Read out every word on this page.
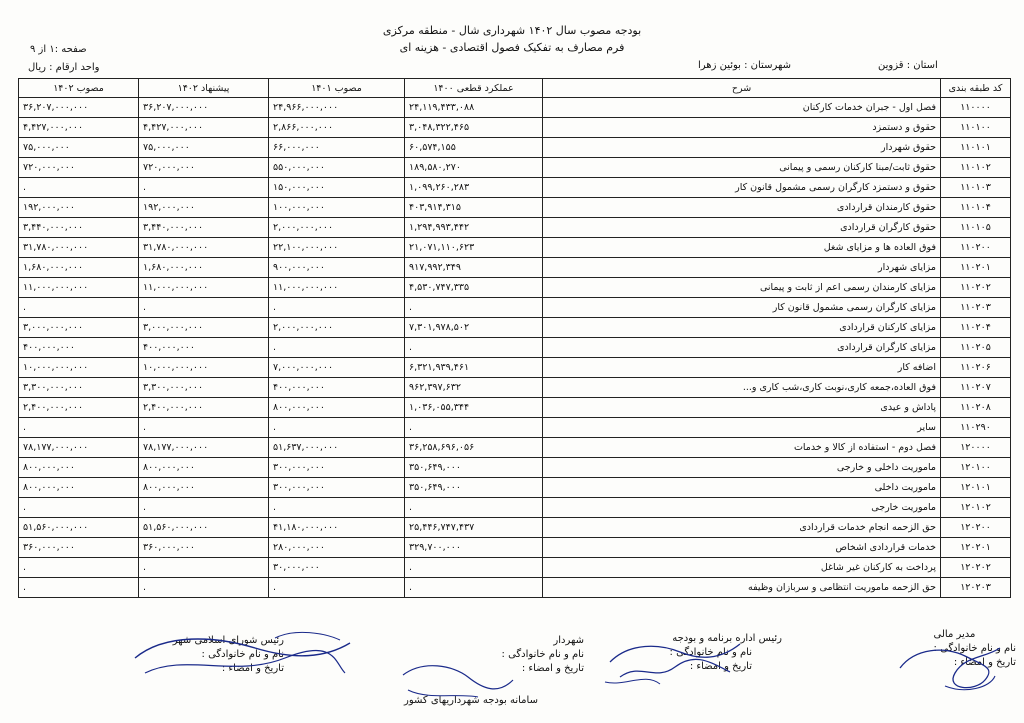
بودجه مصوب سال ۱۴۰۲ شهرداری شال - منطقه مرکزی
فرم مصارف به تفکیک فصول اقتصادی - هزینه ای
صفحه :۱ از ۹
واحد ارقام : ریال	استان : قزوین
شهرستان : بوئین زهرا
کد طبقه بندی	شرح	عملکرد قطعی ۱۴۰۰	مصوب ۱۴۰۱	پیشنهاد ۱۴۰۲	مصوب ۱۴۰۲
۱۱۰۰۰۰	فصل اول - جبران خدمات کارکنان	۲۴,۱۱۹,۴۳۳,۰۸۸	۲۴,۹۶۶,۰۰۰,۰۰۰	۳۶,۲۰۷,۰۰۰,۰۰۰	۳۶,۲۰۷,۰۰۰,۰۰۰
۱۱۰۱۰۰	حقوق و دستمزد	۳,۰۴۸,۳۲۲,۴۶۵	۲,۸۶۶,۰۰۰,۰۰۰	۴,۴۲۷,۰۰۰,۰۰۰	۴,۴۲۷,۰۰۰,۰۰۰
۱۱۰۱۰۱	حقوق شهردار	۶۰,۵۷۴,۱۵۵	۶۶,۰۰۰,۰۰۰	۷۵,۰۰۰,۰۰۰	۷۵,۰۰۰,۰۰۰
۱۱۰۱۰۲	حقوق ثابت/مبنا کارکنان رسمی و پیمانی	۱۸۹,۵۸۰,۲۷۰	۵۵۰,۰۰۰,۰۰۰	۷۲۰,۰۰۰,۰۰۰	۷۲۰,۰۰۰,۰۰۰
۱۱۰۱۰۳	حقوق و دستمزد کارگران رسمی مشمول قانون کار	۱,۰۹۹,۲۶۰,۲۸۳	۱۵۰,۰۰۰,۰۰۰	.	.
۱۱۰۱۰۴	حقوق کارمندان قراردادی	۴۰۳,۹۱۴,۳۱۵	۱۰۰,۰۰۰,۰۰۰	۱۹۲,۰۰۰,۰۰۰	۱۹۲,۰۰۰,۰۰۰
۱۱۰۱۰۵	حقوق کارگران قراردادی	۱,۲۹۴,۹۹۳,۴۴۲	۲,۰۰۰,۰۰۰,۰۰۰	۳,۴۴۰,۰۰۰,۰۰۰	۳,۴۴۰,۰۰۰,۰۰۰
۱۱۰۲۰۰	فوق العاده ها و مزایای شغل	۲۱,۰۷۱,۱۱۰,۶۲۳	۲۲,۱۰۰,۰۰۰,۰۰۰	۳۱,۷۸۰,۰۰۰,۰۰۰	۳۱,۷۸۰,۰۰۰,۰۰۰
۱۱۰۲۰۱	مزایای شهردار	۹۱۷,۹۹۲,۳۴۹	۹۰۰,۰۰۰,۰۰۰	۱,۶۸۰,۰۰۰,۰۰۰	۱,۶۸۰,۰۰۰,۰۰۰
۱۱۰۲۰۲	مزایای کارمندان رسمی اعم از ثابت و پیمانی	۴,۵۳۰,۷۴۷,۳۳۵	۱۱,۰۰۰,۰۰۰,۰۰۰	۱۱,۰۰۰,۰۰۰,۰۰۰	۱۱,۰۰۰,۰۰۰,۰۰۰
۱۱۰۲۰۳	مزایای کارگران رسمی مشمول قانون کار	.	.	.	.
۱۱۰۲۰۴	مزایای کارکنان قراردادی	۷,۳۰۱,۹۷۸,۵۰۲	۲,۰۰۰,۰۰۰,۰۰۰	۳,۰۰۰,۰۰۰,۰۰۰	۳,۰۰۰,۰۰۰,۰۰۰
۱۱۰۲۰۵	مزایای کارگران قراردادی	.	.	۴۰۰,۰۰۰,۰۰۰	۴۰۰,۰۰۰,۰۰۰
۱۱۰۲۰۶	اضافه کار	۶,۳۲۱,۹۳۹,۴۶۱	۷,۰۰۰,۰۰۰,۰۰۰	۱۰,۰۰۰,۰۰۰,۰۰۰	۱۰,۰۰۰,۰۰۰,۰۰۰
۱۱۰۲۰۷	فوق العاده،جمعه کاری،نوبت کاری،شب کاری و...	۹۶۲,۳۹۷,۶۳۲	۴۰۰,۰۰۰,۰۰۰	۳,۳۰۰,۰۰۰,۰۰۰	۳,۳۰۰,۰۰۰,۰۰۰
۱۱۰۲۰۸	پاداش و عیدی	۱,۰۳۶,۰۵۵,۳۴۴	۸۰۰,۰۰۰,۰۰۰	۲,۴۰۰,۰۰۰,۰۰۰	۲,۴۰۰,۰۰۰,۰۰۰
۱۱۰۲۹۰	سایر	.	.	.	.
۱۲۰۰۰۰	فصل دوم - استفاده از کالا و خدمات	۳۶,۲۵۸,۶۹۶,۰۵۶	۵۱,۶۳۷,۰۰۰,۰۰۰	۷۸,۱۷۷,۰۰۰,۰۰۰	۷۸,۱۷۷,۰۰۰,۰۰۰
۱۲۰۱۰۰	ماموریت داخلی و خارجی	۳۵۰,۶۴۹,۰۰۰	۳۰۰,۰۰۰,۰۰۰	۸۰۰,۰۰۰,۰۰۰	۸۰۰,۰۰۰,۰۰۰
۱۲۰۱۰۱	ماموریت داخلی	۳۵۰,۶۴۹,۰۰۰	۳۰۰,۰۰۰,۰۰۰	۸۰۰,۰۰۰,۰۰۰	۸۰۰,۰۰۰,۰۰۰
۱۲۰۱۰۲	ماموریت خارجی	.	.	.	.
۱۲۰۲۰۰	حق الزحمه انجام خدمات قراردادی	۲۵,۴۴۶,۷۴۷,۴۳۷	۴۱,۱۸۰,۰۰۰,۰۰۰	۵۱,۵۶۰,۰۰۰,۰۰۰	۵۱,۵۶۰,۰۰۰,۰۰۰
۱۲۰۲۰۱	خدمات قراردادی اشخاص	۳۲۹,۷۰۰,۰۰۰	۲۸۰,۰۰۰,۰۰۰	۳۶۰,۰۰۰,۰۰۰	۳۶۰,۰۰۰,۰۰۰
۱۲۰۲۰۲	پرداخت به کارکنان غیر شاغل	.	۳۰,۰۰۰,۰۰۰	.	.
۱۲۰۲۰۳	حق الزحمه ماموریت انتظامی و سربازان وظیفه	.	.	.	.
مدیر مالی
نام و نام خانوادگی :
تاریخ و امضاء :
رئیس اداره برنامه و بودجه
نام و نام خانوادگی :
تاریخ و امضاء :
شهردار
نام و نام خانوادگی :
تاریخ و امضاء :
رئیس شورای اسلامی شهر
نام و نام خانوادگی :
تاریخ و امضاء :
سامانه بودجه شهرداریهای کشور
